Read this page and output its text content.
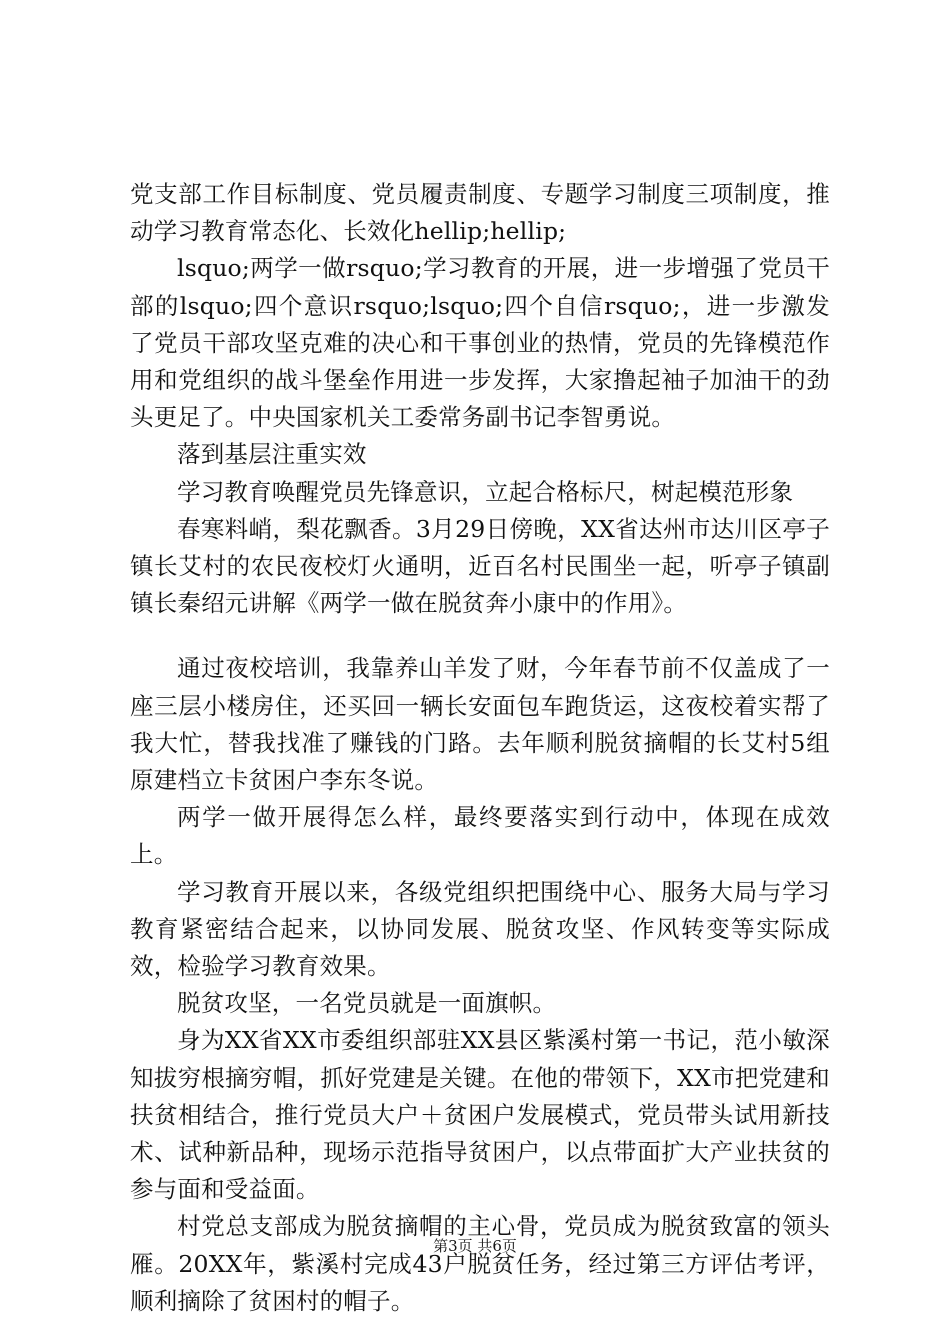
党支部工作目标制度、党员履责制度、专题学习制度三项制度，推动学习教育常态化、长效化hellip;hellip;

lsquo;两学一做rsquo;学习教育的开展，进一步增强了党员干部的lsquo;四个意识rsquo;lsquo;四个自信rsquo;，进一步激发了党员干部攻坚克难的决心和干事创业的热情，党员的先锋模范作用和党组织的战斗堡垒作用进一步发挥，大家撸起袖子加油干的劲头更足了。中央国家机关工委常务副书记李智勇说。

落到基层注重实效

学习教育唤醒党员先锋意识，立起合格标尺，树起模范形象

春寒料峭，梨花飘香。3月29日傍晚，XX省达州市达川区亭子镇长艾村的农民夜校灯火通明，近百名村民围坐一起，听亭子镇副镇长秦绍元讲解《两学一做在脱贫奔小康中的作用》。

通过夜校培训，我靠养山羊发了财，今年春节前不仅盖成了一座三层小楼房住，还买回一辆长安面包车跑货运，这夜校着实帮了我大忙，替我找准了赚钱的门路。去年顺利脱贫摘帽的长艾村5组原建档立卡贫困户李东冬说。

两学一做开展得怎么样，最终要落实到行动中，体现在成效上。

学习教育开展以来，各级党组织把围绕中心、服务大局与学习教育紧密结合起来，以协同发展、脱贫攻坚、作风转变等实际成效，检验学习教育效果。

脱贫攻坚，一名党员就是一面旗帜。

身为XX省XX市委组织部驻XX县区紫溪村第一书记，范小敏深知拔穷根摘穷帽，抓好党建是关键。在他的带领下，XX市把党建和扶贫相结合，推行党员大户＋贫困户发展模式，党员带头试用新技术、试种新品种，现场示范指导贫困户，以点带面扩大产业扶贫的参与面和受益面。

村党总支部成为脱贫摘帽的主心骨，党员成为脱贫致富的领头雁。20XX年，紫溪村完成43户脱贫任务，经过第三方评估考评，顺利摘除了贫困村的帽子。

第3页 共6页
